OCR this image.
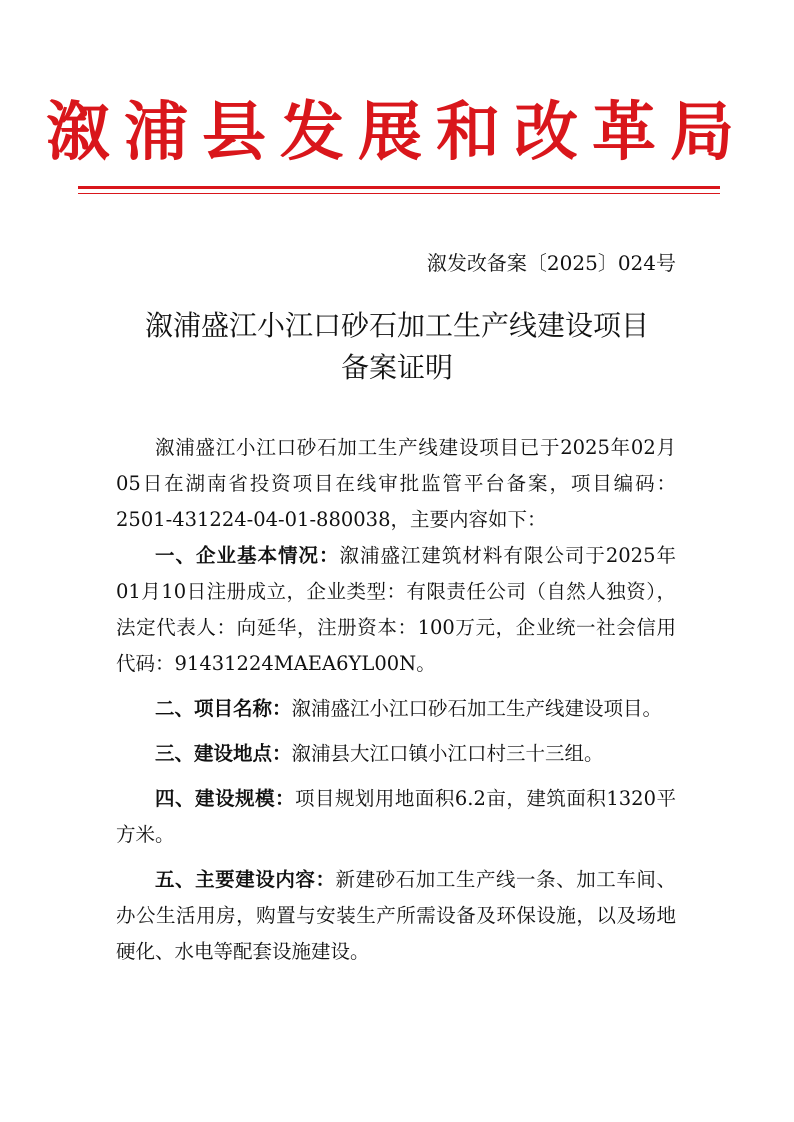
溆浦县发展和改革局
溆发改备案〔2025〕024号
溆浦盛江小江口砂石加工生产线建设项目
备案证明

溆浦盛江小江口砂石加工生产线建设项目已于2025年02月05日在湖南省投资项目在线审批监管平台备案，项目编码：2501-431224-04-01-880038，主要内容如下：

一、企业基本情况：溆浦盛江建筑材料有限公司于2025年01月10日注册成立，企业类型：有限责任公司（自然人独资），法定代表人：向延华，注册资本：100万元，企业统一社会信用代码：91431224MAEA6YL00N。

二、项目名称：溆浦盛江小江口砂石加工生产线建设项目。

三、建设地点：溆浦县大江口镇小江口村三十三组。

四、建设规模：项目规划用地面积6.2亩，建筑面积1320平方米。

五、主要建设内容：新建砂石加工生产线一条、加工车间、办公生活用房，购置与安装生产所需设备及环保设施，以及场地硬化、水电等配套设施建设。
